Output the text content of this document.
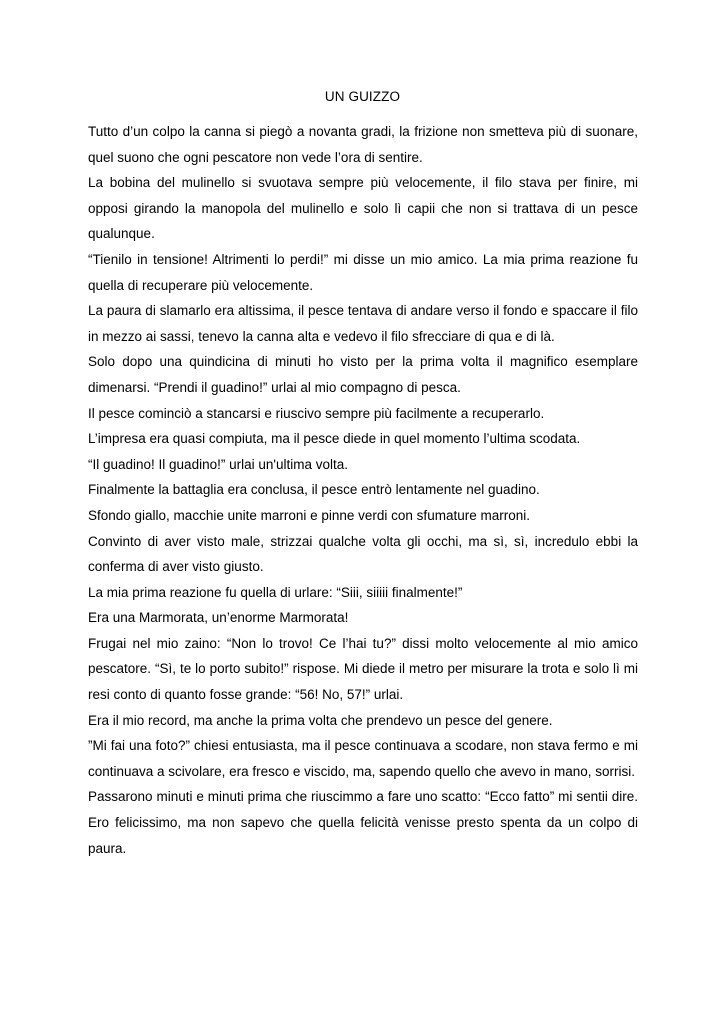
UN GUIZZO

Tutto d’un colpo la canna si piegò a novanta gradi, la frizione non smetteva più di suonare, quel suono che ogni pescatore non vede l’ora di sentire.

La bobina del mulinello si svuotava sempre più velocemente, il filo stava per finire, mi opposi girando la manopola del mulinello e solo lì capii che non si trattava di un pesce qualunque.

“Tienilo in tensione! Altrimenti lo perdi!” mi disse un mio amico. La mia prima reazione fu quella di recuperare più velocemente.

La paura di slamarlo era altissima, il pesce tentava di andare verso il fondo e spaccare il filo in mezzo ai sassi, tenevo la canna alta e vedevo il filo sfrecciare di qua e di là.

Solo dopo una quindicina di minuti ho visto per la prima volta il magnifico esemplare dimenarsi. “Prendi il guadino!” urlai al mio compagno di pesca.

Il pesce cominciò a stancarsi e riuscivo sempre più facilmente a recuperarlo.

L’impresa era quasi compiuta, ma il pesce diede in quel momento l’ultima scodata.

“Il guadino! Il guadino!” urlai un'ultima volta.

Finalmente la battaglia era conclusa, il pesce entrò lentamente nel guadino.

Sfondo giallo, macchie unite marroni e pinne verdi con sfumature marroni.

Convinto di aver visto male, strizzai qualche volta gli occhi, ma sì, sì, incredulo ebbi la conferma di aver visto giusto.

La mia prima reazione fu quella di urlare: “Siii, siiiii finalmente!”

Era una Marmorata, un’enorme Marmorata!

Frugai nel mio zaino: “Non lo trovo! Ce l’hai tu?” dissi molto velocemente al mio amico pescatore. “Sì, te lo porto subito!” rispose. Mi diede il metro per misurare la trota e solo lì mi resi conto di quanto fosse grande: “56! No, 57!” urlai.

Era il mio record, ma anche la prima volta che prendevo un pesce del genere.

”Mi fai una foto?” chiesi entusiasta, ma il pesce continuava a scodare, non stava fermo e mi continuava a scivolare, era fresco e viscido, ma, sapendo quello che avevo in mano, sorrisi.

Passarono minuti e minuti prima che riuscimmo a fare uno scatto: “Ecco fatto” mi sentii dire. Ero felicissimo, ma non sapevo che quella felicità venisse presto spenta da un colpo di paura.
